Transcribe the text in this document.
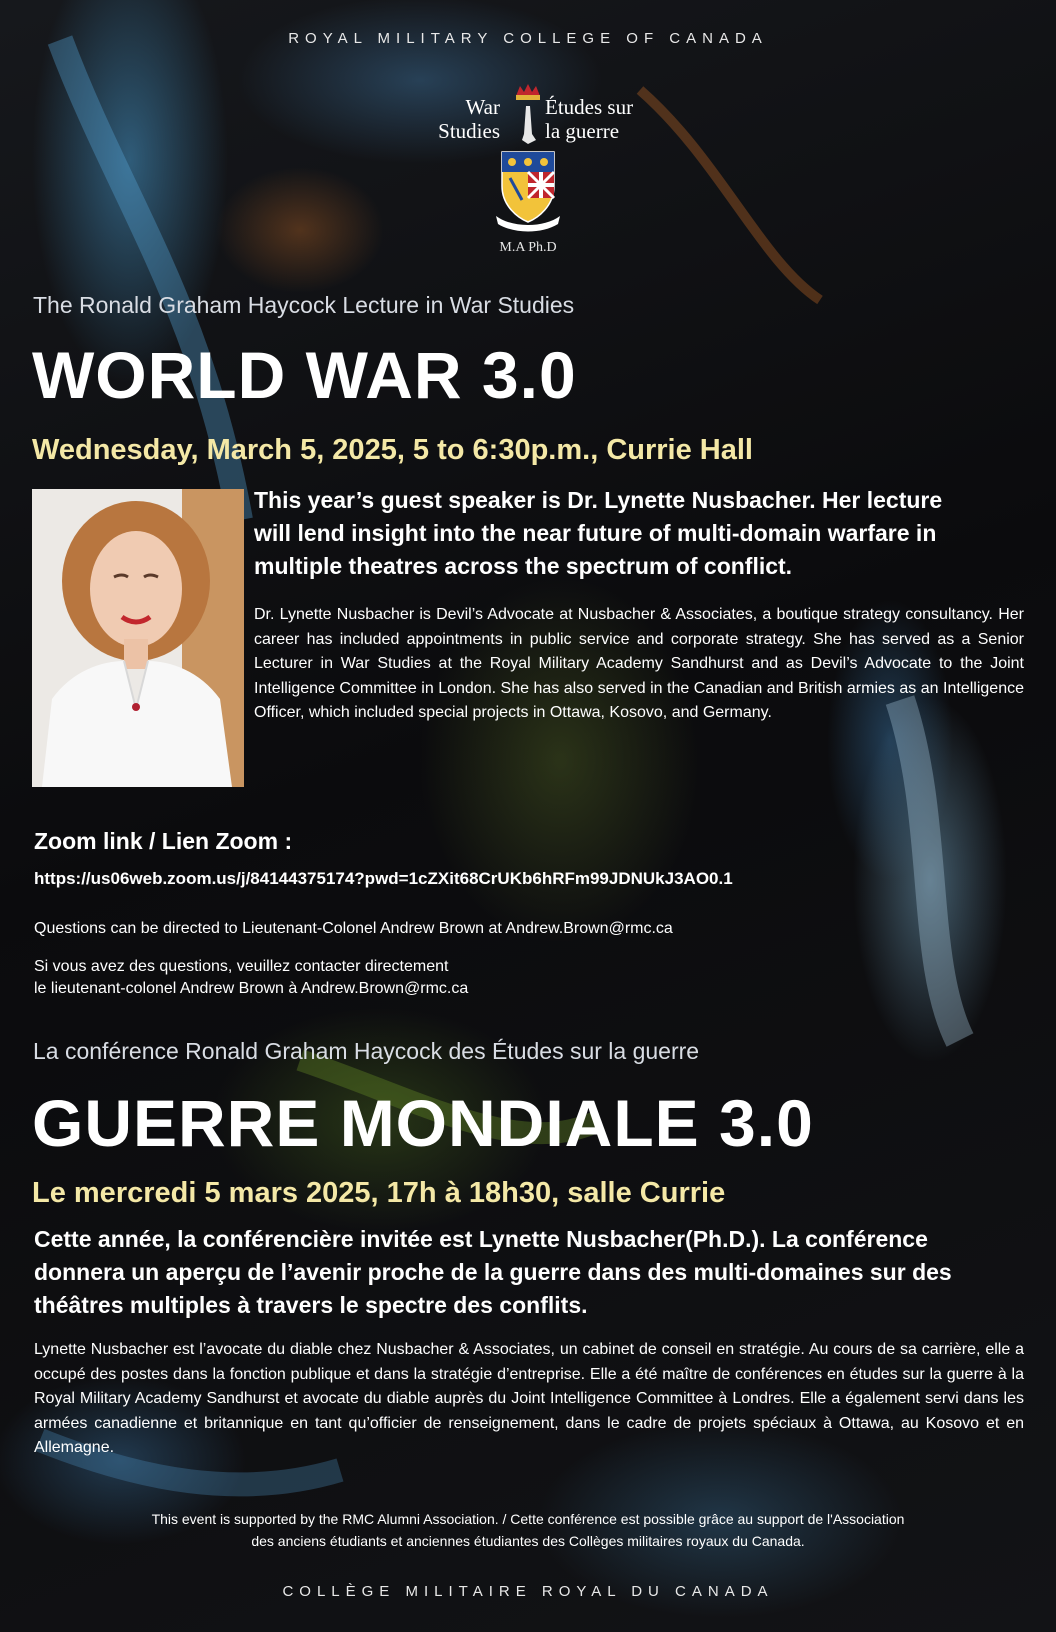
ROYAL MILITARY COLLEGE OF CANADA
War
Studies
Études sur
la guerre
M.A Ph.D
The Ronald Graham Haycock Lecture in War Studies
WORLD WAR 3.0
Wednesday, March 5, 2025, 5 to 6:30p.m., Currie Hall
This year’s guest speaker is Dr. Lynette Nusbacher. Her lecture
will lend insight into the near future of multi-domain warfare in
multiple theatres across the spectrum of conflict.
Dr. Lynette Nusbacher is Devil’s Advocate at Nusbacher & Associates, a boutique strategy consultancy. Her career has included appointments in public service and corporate strategy. She has served as a Senior Lecturer in War Studies at the Royal Military Academy Sandhurst and as Devil’s Advocate to the Joint Intelligence Committee in London. She has also served in the Canadian and British armies as an Intelligence Officer, which included special projects in Ottawa, Kosovo, and Germany.
Zoom link / Lien Zoom :
https://us06web.zoom.us/j/84144375174?pwd=1cZXit68CrUKb6hRFm99JDNUkJ3AO0.1
Questions can be directed to Lieutenant-Colonel Andrew Brown at Andrew.Brown@rmc.ca
Si vous avez des questions, veuillez contacter directement
le lieutenant-colonel Andrew Brown à Andrew.Brown@rmc.ca
La conférence Ronald Graham Haycock des Études sur la guerre
GUERRE MONDIALE 3.0
Le mercredi 5 mars 2025, 17h à 18h30, salle Currie
Cette année, la conférencière invitée est Lynette Nusbacher(Ph.D.). La conférence
donnera un aperçu de l’avenir proche de la guerre dans des multi-domaines sur des
théâtres multiples à travers le spectre des conflits.
Lynette Nusbacher est l’avocate du diable chez Nusbacher & Associates, un cabinet de conseil en stratégie. Au cours de sa carrière, elle a occupé des postes dans la fonction publique et dans la stratégie d’entreprise. Elle a été maître de conférences en études sur la guerre à la Royal Military Academy Sandhurst et avocate du diable auprès du Joint Intelligence Committee à Londres. Elle a également servi dans les armées canadienne et britannique en tant qu’officier de renseignement, dans le cadre de projets spéciaux à Ottawa, au Kosovo et en Allemagne.
This event is supported by the RMC Alumni Association. / Cette conférence est possible grâce au support de l'Association
des anciens étudiants et anciennes étudiantes des Collèges militaires royaux du Canada.
COLLÈGE MILITAIRE ROYAL DU CANADA
